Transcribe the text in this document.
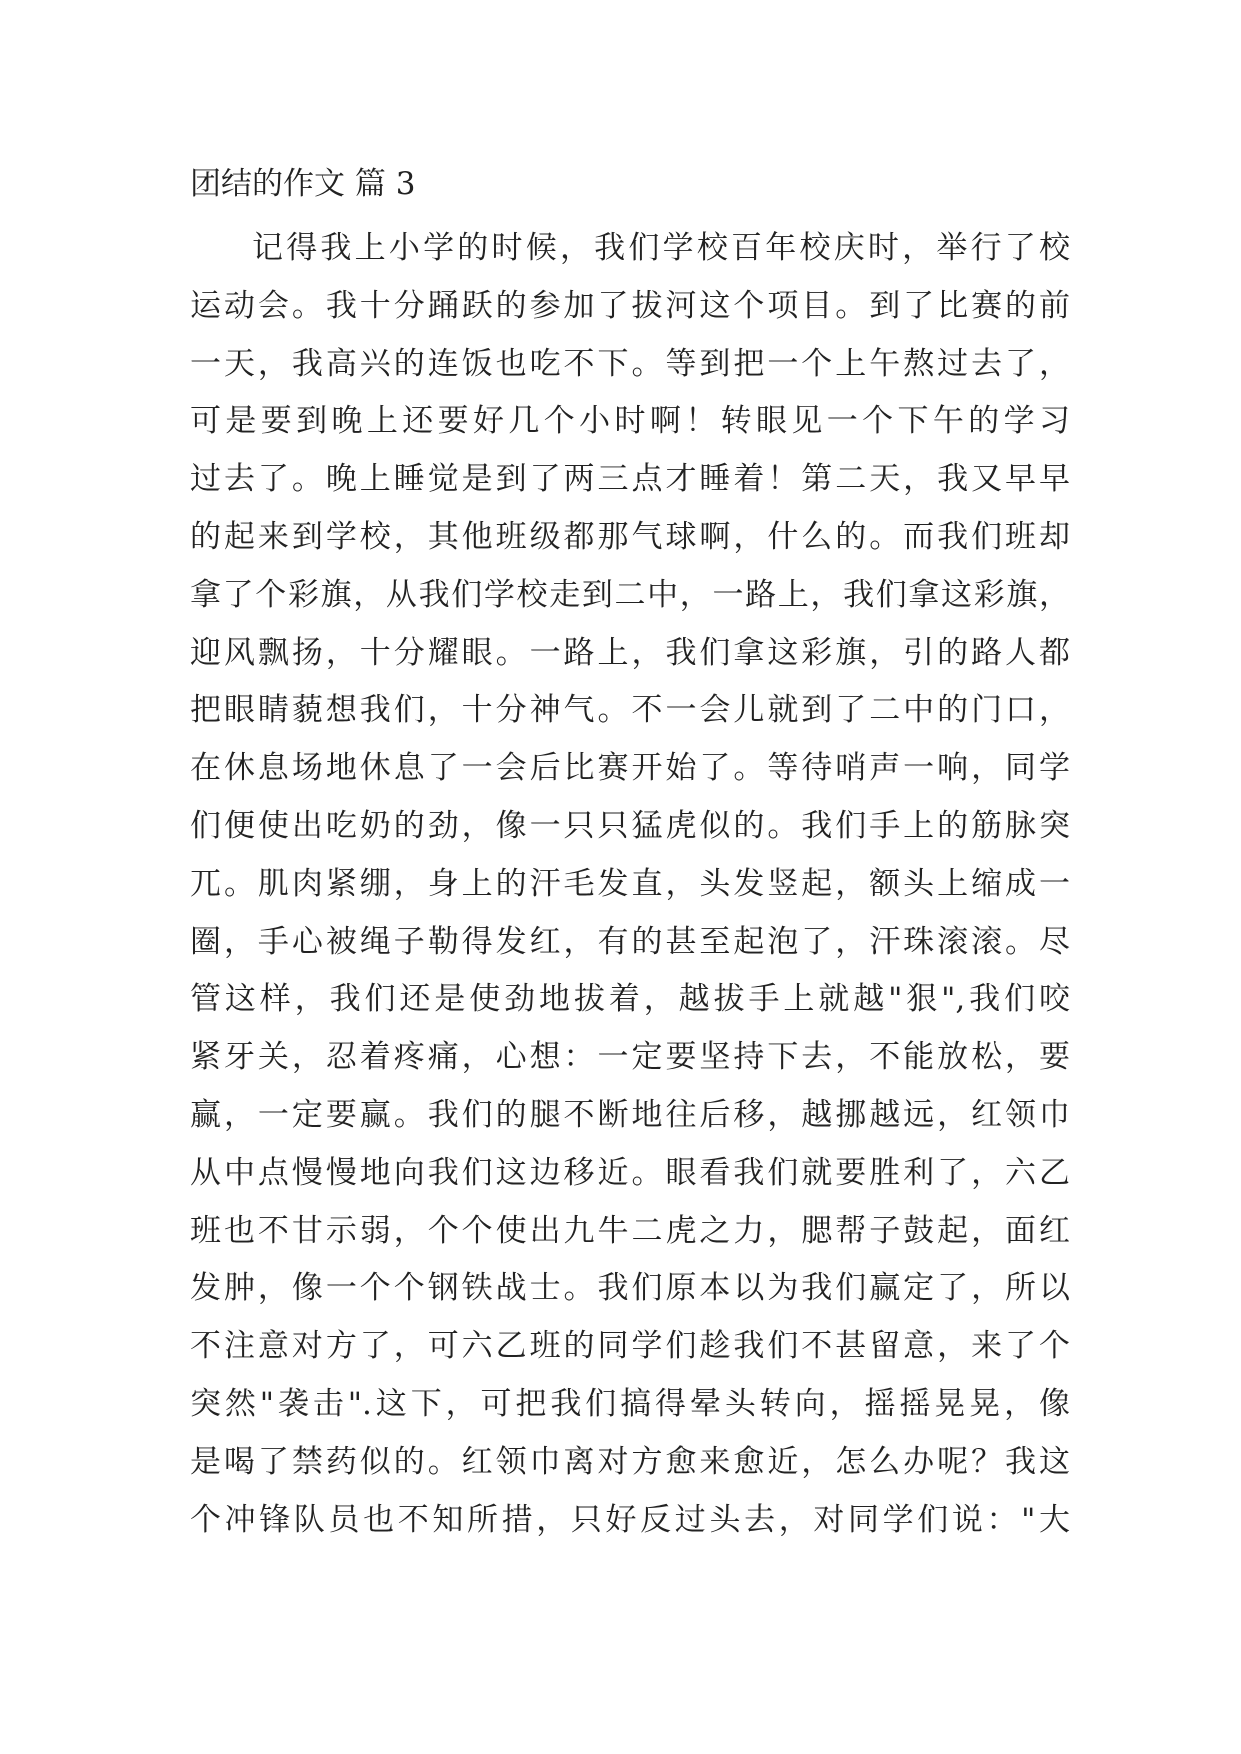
团结的作文 篇 3
记得我上小学的时候，我们学校百年校庆时，举行了校
运动会。我十分踊跃的参加了拔河这个项目。到了比赛的前
一天，我高兴的连饭也吃不下。等到把一个上午熬过去了，
可是要到晚上还要好几个小时啊！转眼见一个下午的学习
过去了。晚上睡觉是到了两三点才睡着！第二天，我又早早
的起来到学校，其他班级都那气球啊，什么的。而我们班却
拿了个彩旗，从我们学校走到二中，一路上，我们拿这彩旗，
迎风飘扬，十分耀眼。一路上，我们拿这彩旗，引的路人都
把眼睛藐想我们，十分神气。不一会儿就到了二中的门口，
在休息场地休息了一会后比赛开始了。等待哨声一响，同学
们便使出吃奶的劲，像一只只猛虎似的。我们手上的筋脉突
兀。肌肉紧绷，身上的汗毛发直，头发竖起，额头上缩成一
圈，手心被绳子勒得发红，有的甚至起泡了，汗珠滚滚。尽
管这样，我们还是使劲地拔着，越拔手上就越"狠",我们咬
紧牙关，忍着疼痛，心想：一定要坚持下去，不能放松，要
赢，一定要赢。我们的腿不断地往后移，越挪越远，红领巾
从中点慢慢地向我们这边移近。眼看我们就要胜利了，六乙
班也不甘示弱，个个使出九牛二虎之力，腮帮子鼓起，面红
发肿，像一个个钢铁战士。我们原本以为我们赢定了，所以
不注意对方了，可六乙班的同学们趁我们不甚留意，来了个
突然"袭击".这下，可把我们搞得晕头转向，摇摇晃晃，像
是喝了禁药似的。红领巾离对方愈来愈近，怎么办呢？我这
个冲锋队员也不知所措，只好反过头去，对同学们说："大
